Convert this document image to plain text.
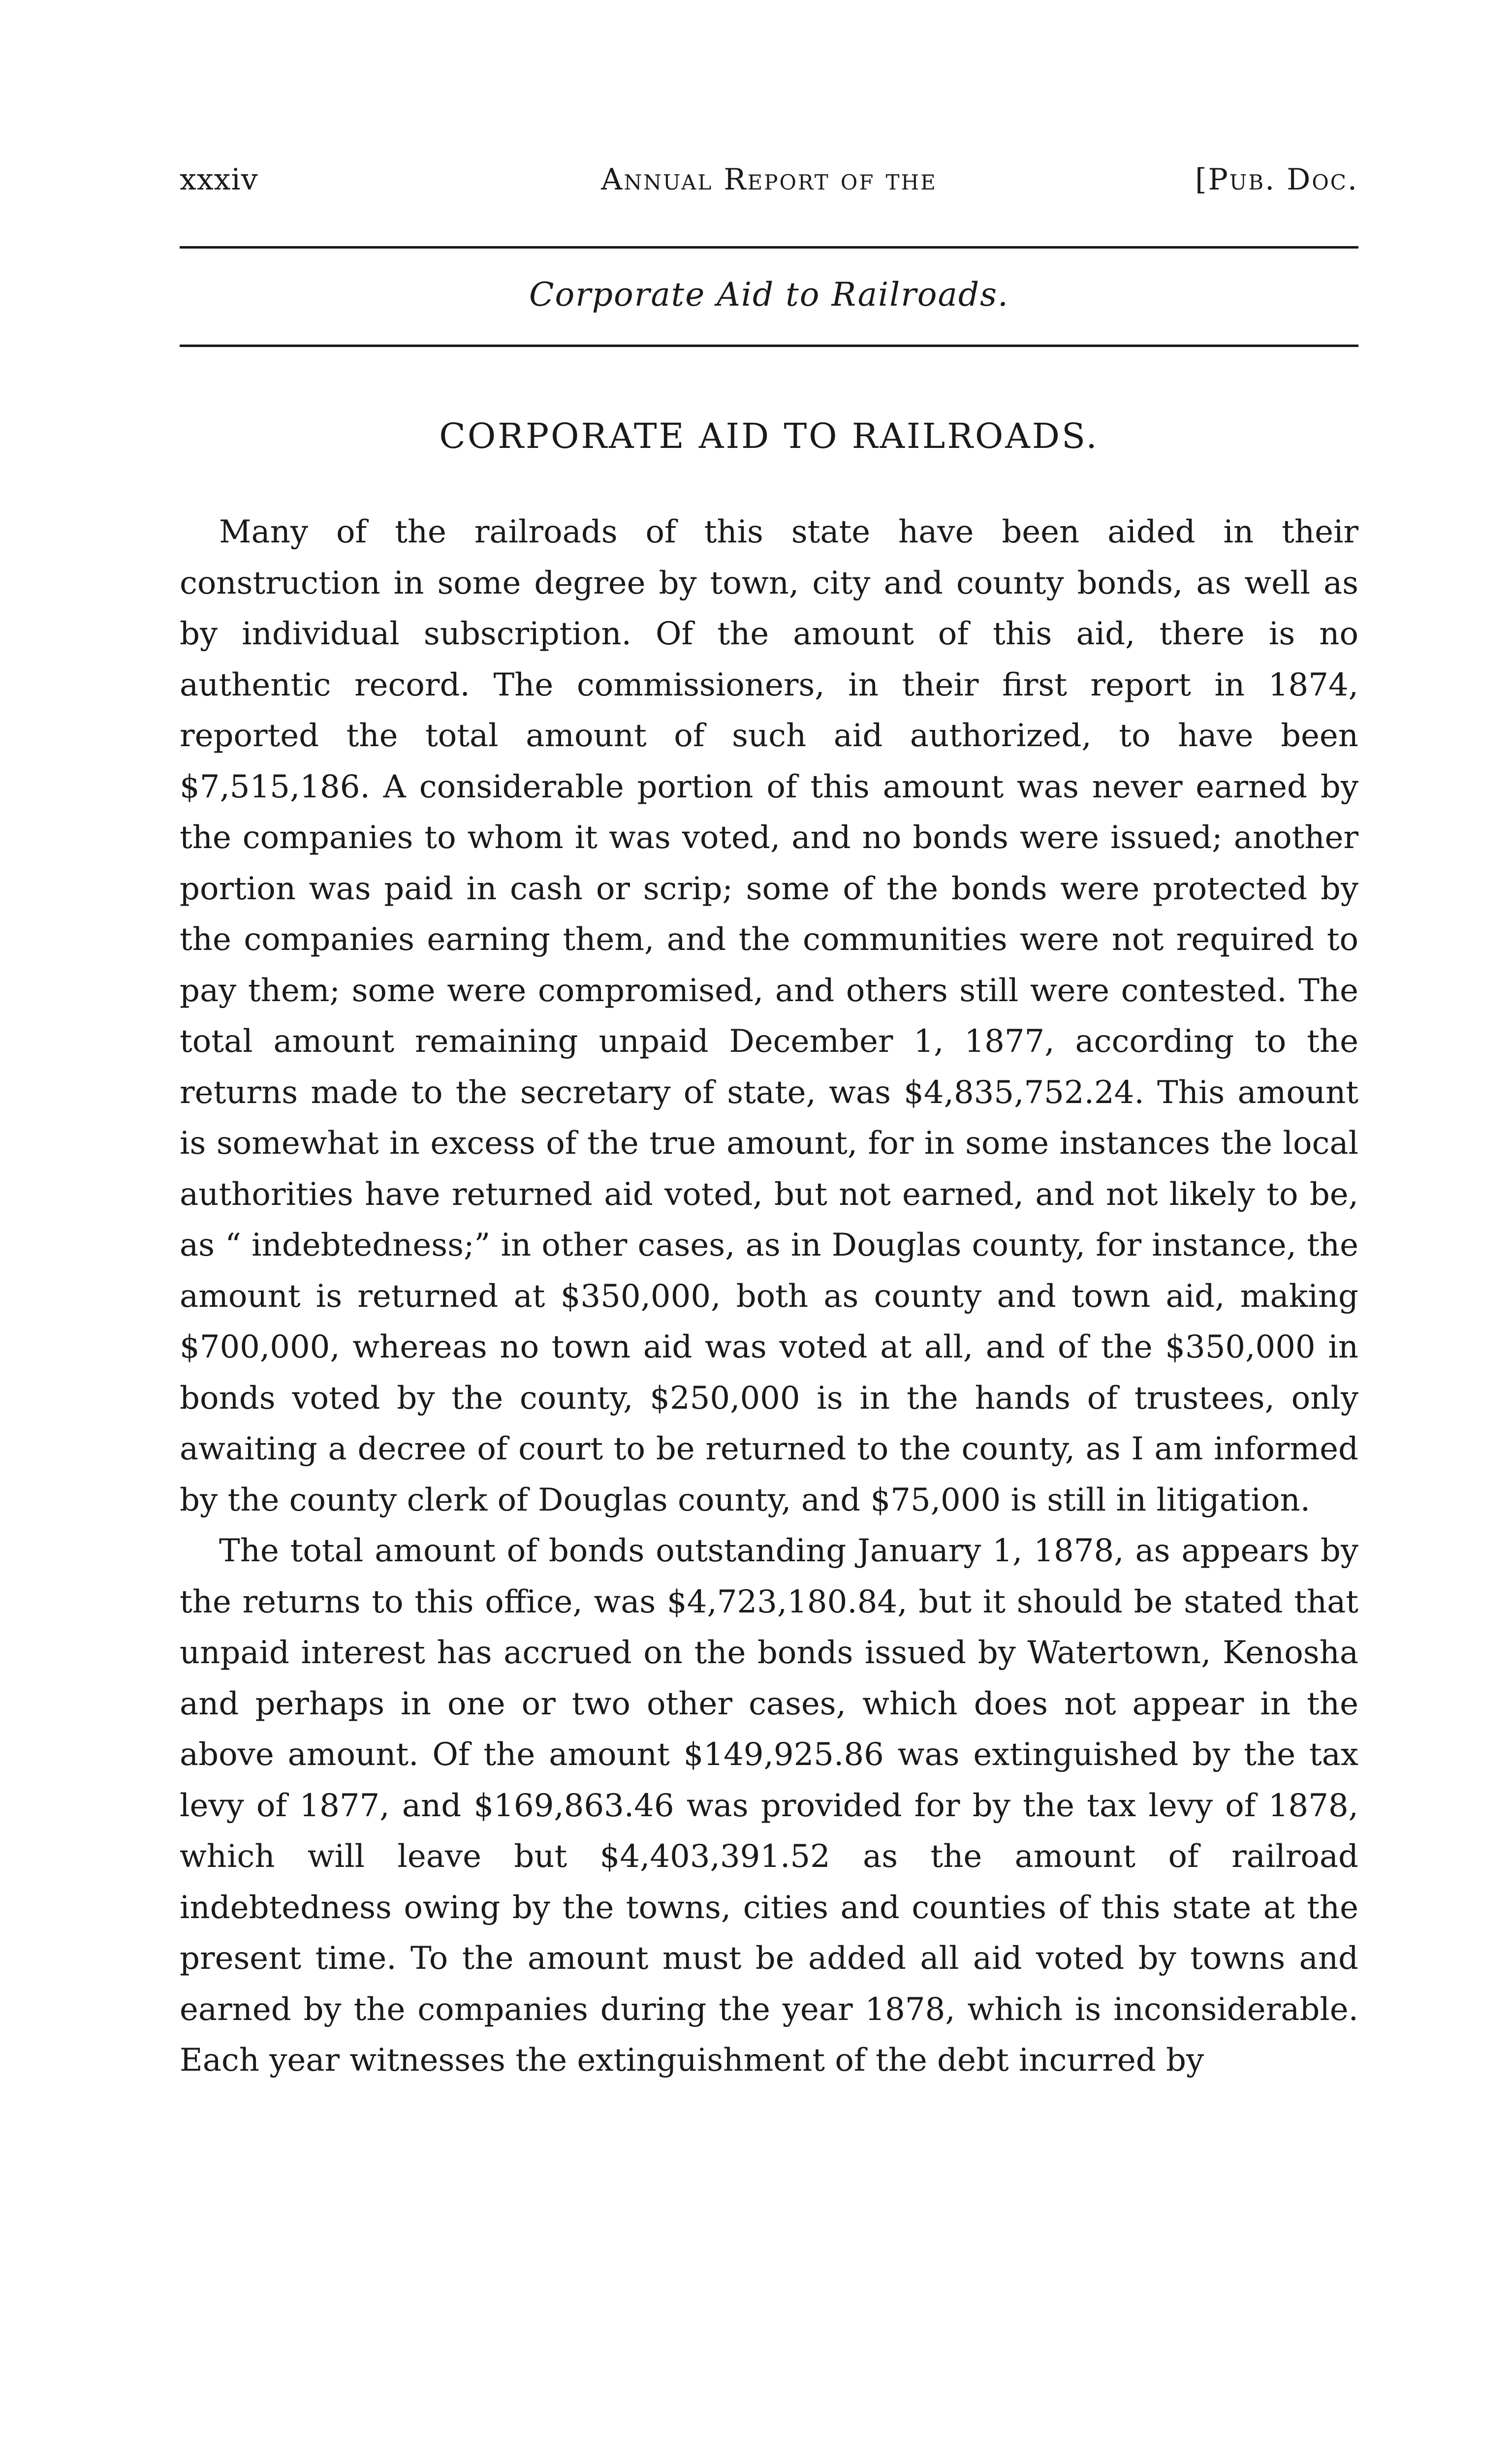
xxxiv	Annual Report of the	[Pub. Doc.
Corporate Aid to Railroads.
CORPORATE AID TO RAILROADS.

Many of the railroads of this state have been aided in their construction in some degree by town, city and county bonds, as well as by individual subscription. Of the amount of this aid, there is no authentic record. The commissioners, in their first report in 1874, reported the total amount of such aid authorized, to have been $7,515,186. A considerable portion of this amount was never earned by the companies to whom it was voted, and no bonds were issued; another portion was paid in cash or scrip; some of the bonds were protected by the companies earning them, and the communities were not required to pay them; some were compromised, and others still were contested. The total amount remaining unpaid December 1, 1877, according to the returns made to the secretary of state, was $4,835,752.24. This amount is somewhat in excess of the true amount, for in some instances the local authorities have returned aid voted, but not earned, and not likely to be, as “ indebtedness;” in other cases, as in Douglas county, for instance, the amount is returned at $350,000, both as county and town aid, making $700,000, whereas no town aid was voted at all, and of the $350,000 in bonds voted by the county, $250,000 is in the hands of trustees, only awaiting a decree of court to be returned to the county, as I am informed by the county clerk of Douglas county, and $75,000 is still in litigation.

The total amount of bonds outstanding January 1, 1878, as appears by the returns to this office, was $4,723,180.84, but it should be stated that unpaid interest has accrued on the bonds issued by Watertown, Kenosha and perhaps in one or two other cases, which does not appear in the above amount. Of the amount $149,925.86 was extinguished by the tax levy of 1877, and $169,863.46 was provided for by the tax levy of 1878, which will leave but $4,403,391.52 as the amount of railroad indebtedness owing by the towns, cities and counties of this state at the present time. To the amount must be added all aid voted by towns and earned by the companies during the year 1878, which is inconsiderable. Each year witnesses the extinguishment of the debt incurred by
